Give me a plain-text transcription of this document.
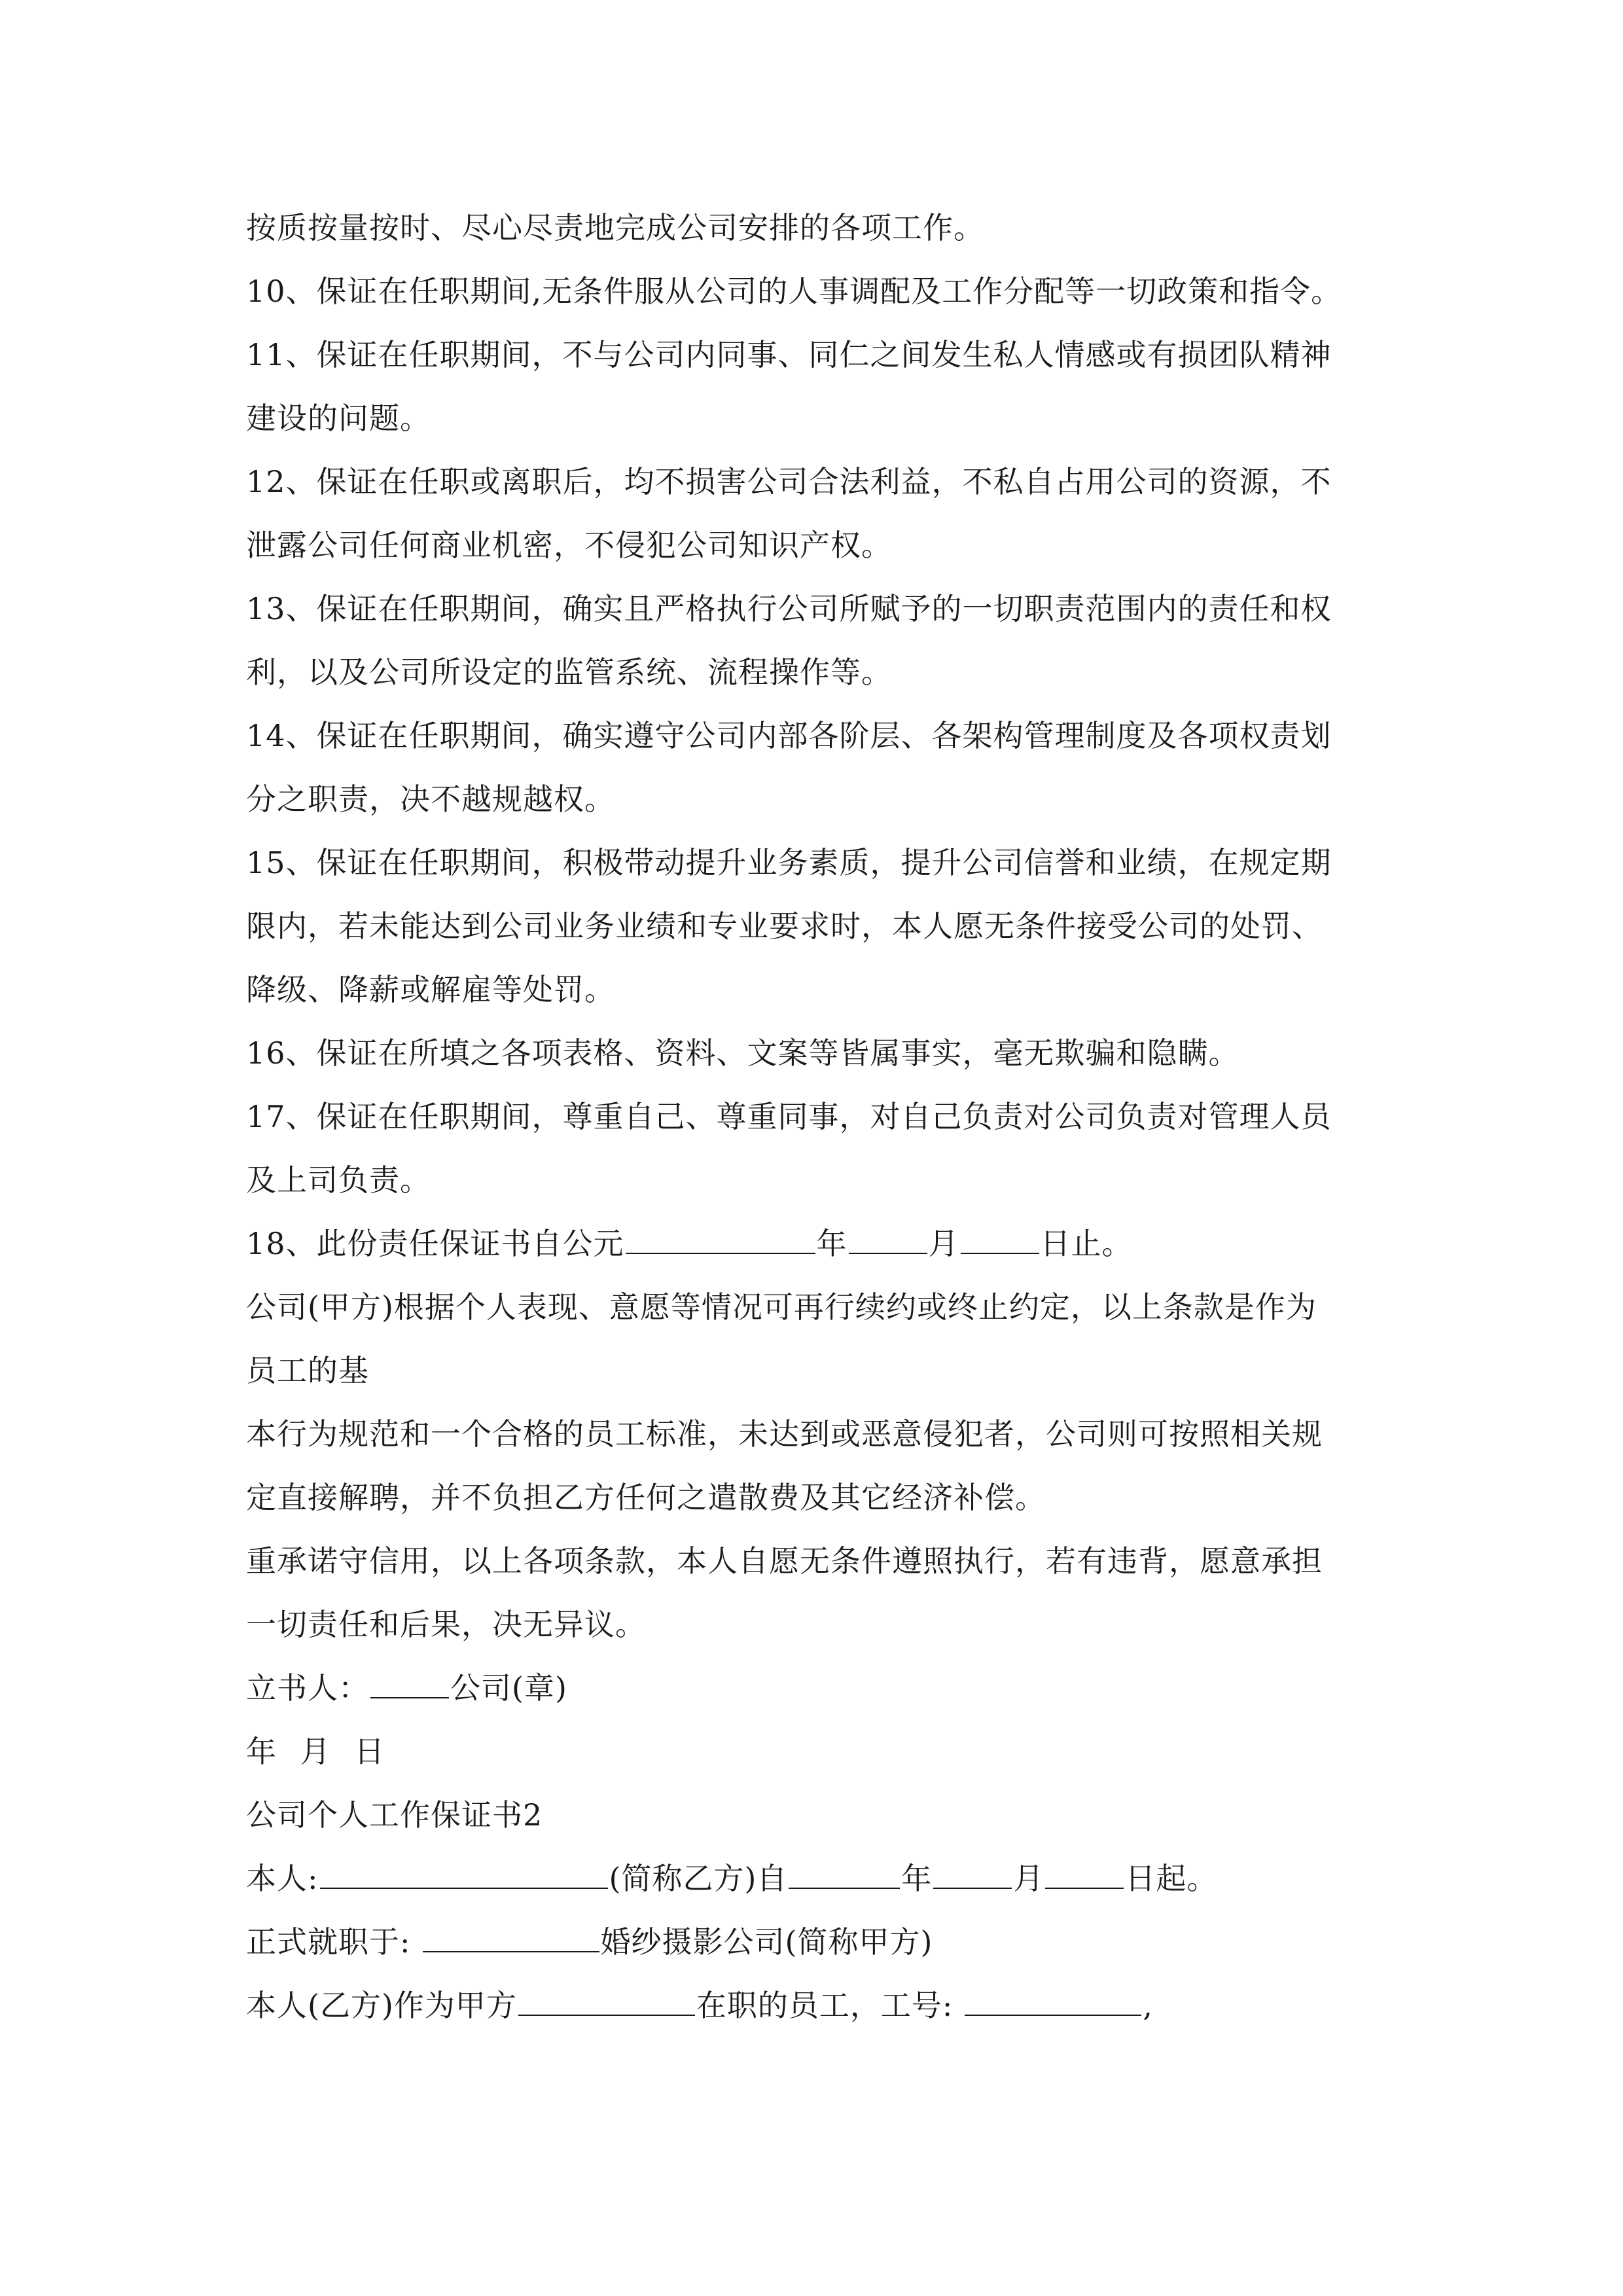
按质按量按时、尽心尽责地完成公司安排的各项工作。
10、保证在任职期间,无条件服从公司的人事调配及工作分配等一切政策和指令。
11、保证在任职期间，不与公司内同事、同仁之间发生私人情感或有损团队精神
建设的问题。
12、保证在任职或离职后，均不损害公司合法利益，不私自占用公司的资源，不
泄露公司任何商业机密，不侵犯公司知识产权。
13、保证在任职期间，确实且严格执行公司所赋予的一切职责范围内的责任和权
利，以及公司所设定的监管系统、流程操作等。
14、保证在任职期间，确实遵守公司内部各阶层、各架构管理制度及各项权责划
分之职责，决不越规越权。
15、保证在任职期间，积极带动提升业务素质，提升公司信誉和业绩，在规定期
限内，若未能达到公司业务业绩和专业要求时，本人愿无条件接受公司的处罚、
降级、降薪或解雇等处罚。
16、保证在所填之各项表格、资料、文案等皆属事实，毫无欺骗和隐瞒。
17、保证在任职期间，尊重自己、尊重同事，对自己负责对公司负责对管理人员
及上司负责。
18、此份责任保证书自公元	年	月	日止。
公司(甲方)根据个人表现、意愿等情况可再行续约或终止约定，以上条款是作为
员工的基
本行为规范和一个合格的员工标准，未达到或恶意侵犯者，公司则可按照相关规
定直接解聘，并不负担乙方任何之遣散费及其它经济补偿。
重承诺守信用，以上各项条款，本人自愿无条件遵照执行，若有违背，愿意承担
一切责任和后果，决无异议。
立书人：	公司(章)
年 月 日
公司个人工作保证书2
本人:	(简称乙方)自	年	月	日起。
正式就职于:	婚纱摄影公司(简称甲方)
本人(乙方)作为甲方	在职的员工，工号:	,
